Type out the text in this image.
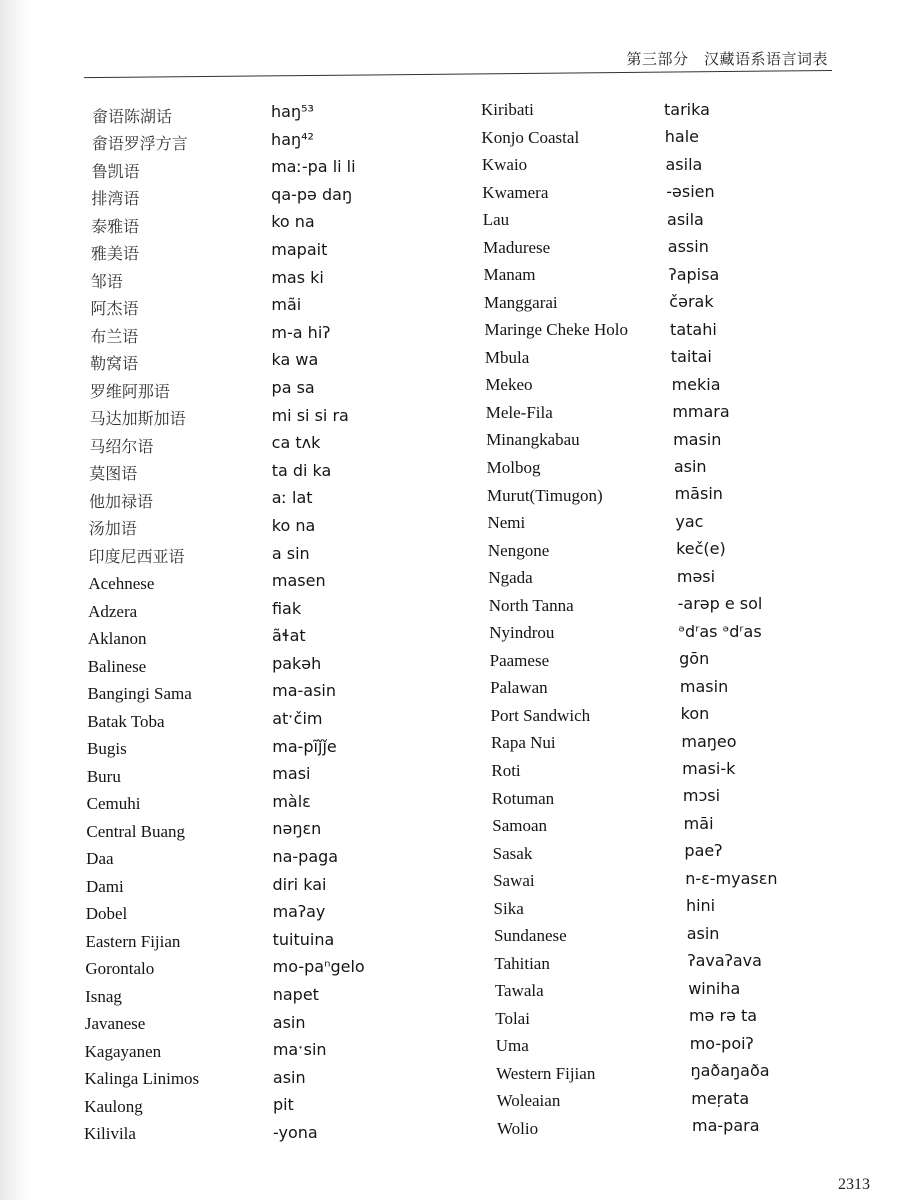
第三部分　汉藏语系语言词表
畲语陈湖话
畲语罗浮方言
鲁凯语
排湾语
泰雅语
雅美语
邹语
阿杰语
布兰语
勒窝语
罗维阿那语
马达加斯加语
马绍尔语
莫图语
他加禄语
汤加语
印度尼西亚语
Acehnese
Adzera
Aklanon
Balinese
Bangingi Sama
Batak Toba
Bugis
Buru
Cemuhi
Central Buang
Daa
Dami
Dobel
Eastern Fijian
Gorontalo
Isnag
Javanese
Kagayanen
Kalinga Linimos
Kaulong
Kilivila
haŋ⁵³
haŋ⁴²
maː-pa li li
qa-pə daŋ
ko na
mapait
mas ki
mãi
m-a hiʔ
ka wa
pa sa
mi si si ra
ca tʌk
ta di ka
aː lat
ko na
a sin
masen
fiak
ãɬat
pakəh
ma-asin
atˑčim
ma-pĩǰǰe
masi
màlɛ
nəŋɛn
na-paga
diri kai
maʔay
tuituina
mo-paⁿgelo
napet
asin
maˑsin
asin
pit
-yona
Kiribati
Konjo Coastal
Kwaio
Kwamera
Lau
Madurese
Manam
Manggarai
Maringe Cheke Holo
Mbula
Mekeo
Mele-Fila
Minangkabau
Molbog
Murut(Timugon)
Nemi
Nengone
Ngada
North Tanna
Nyindrou
Paamese
Palawan
Port Sandwich
Rapa Nui
Roti
Rotuman
Samoan
Sasak
Sawai
Sika
Sundanese
Tahitian
Tawala
Tolai
Uma
Western Fijian
Woleaian
Wolio
tarika
hale
asila
-əsien
asila
assin
ʔapisa
čərak
tatahi
taitai
mekia
mmara
masin
asin
māsin
yac
keč(e)
məsi
-arəp e sol
ᵊdʳas ᵊdʳas
gōn
masin
kon
maŋeo
masi-k
mɔsi
māi
paeʔ
n-ɛ-myasɛn
hini
asin
ʔavaʔava
winiha
mə rə ta
mo-poiʔ
ŋaðaŋaða
meṛata
ma-para
2313
